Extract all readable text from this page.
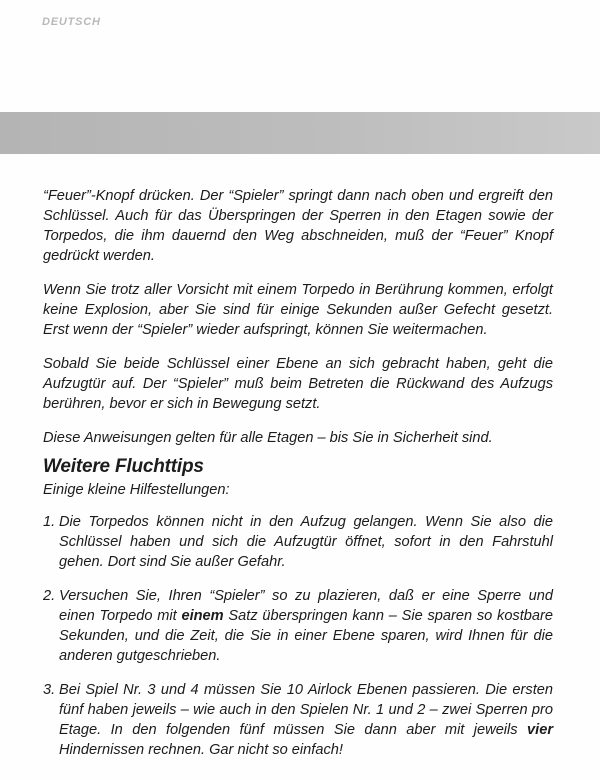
DEUTSCH

“Feuer”-Knopf drücken. Der “Spieler” springt dann nach oben und ergreift den Schlüssel. Auch für das Überspringen der Sperren in den Etagen sowie der Torpedos, die ihm dauernd den Weg abschneiden, muß der “Feuer” Knopf gedrückt werden.

Wenn Sie trotz aller Vorsicht mit einem Torpedo in Berührung kommen, erfolgt keine Explosion, aber Sie sind für einige Sekunden außer Gefecht gesetzt. Erst wenn der “Spieler” wieder aufspringt, können Sie weitermachen.

Sobald Sie beide Schlüssel einer Ebene an sich gebracht haben, geht die Aufzugtür auf. Der “Spieler” muß beim Betreten die Rückwand des Aufzugs berühren, bevor er sich in Bewegung setzt.

Diese Anweisungen gelten für alle Etagen – bis Sie in Sicherheit sind.

Weitere Fluchttips

Einige kleine Hilfestellungen:

1. Die Torpedos können nicht in den Aufzug gelangen. Wenn Sie also die Schlüssel haben und sich die Aufzugtür öffnet, sofort in den Fahrstuhl gehen. Dort sind Sie außer Gefahr.
2. Versuchen Sie, Ihren “Spieler” so zu plazieren, daß er eine Sperre und einen Torpedo mit einem Satz überspringen kann – Sie sparen so kostbare Sekunden, und die Zeit, die Sie in einer Ebene sparen, wird Ihnen für die anderen gutgeschrieben.
3. Bei Spiel Nr. 3 und 4 müssen Sie 10 Airlock Ebenen passieren. Die ersten fünf haben jeweils – wie auch in den Spielen Nr. 1 und 2 – zwei Sperren pro Etage. In den folgenden fünf müssen Sie dann aber mit jeweils vier Hindernissen rechnen. Gar nicht so einfach!
